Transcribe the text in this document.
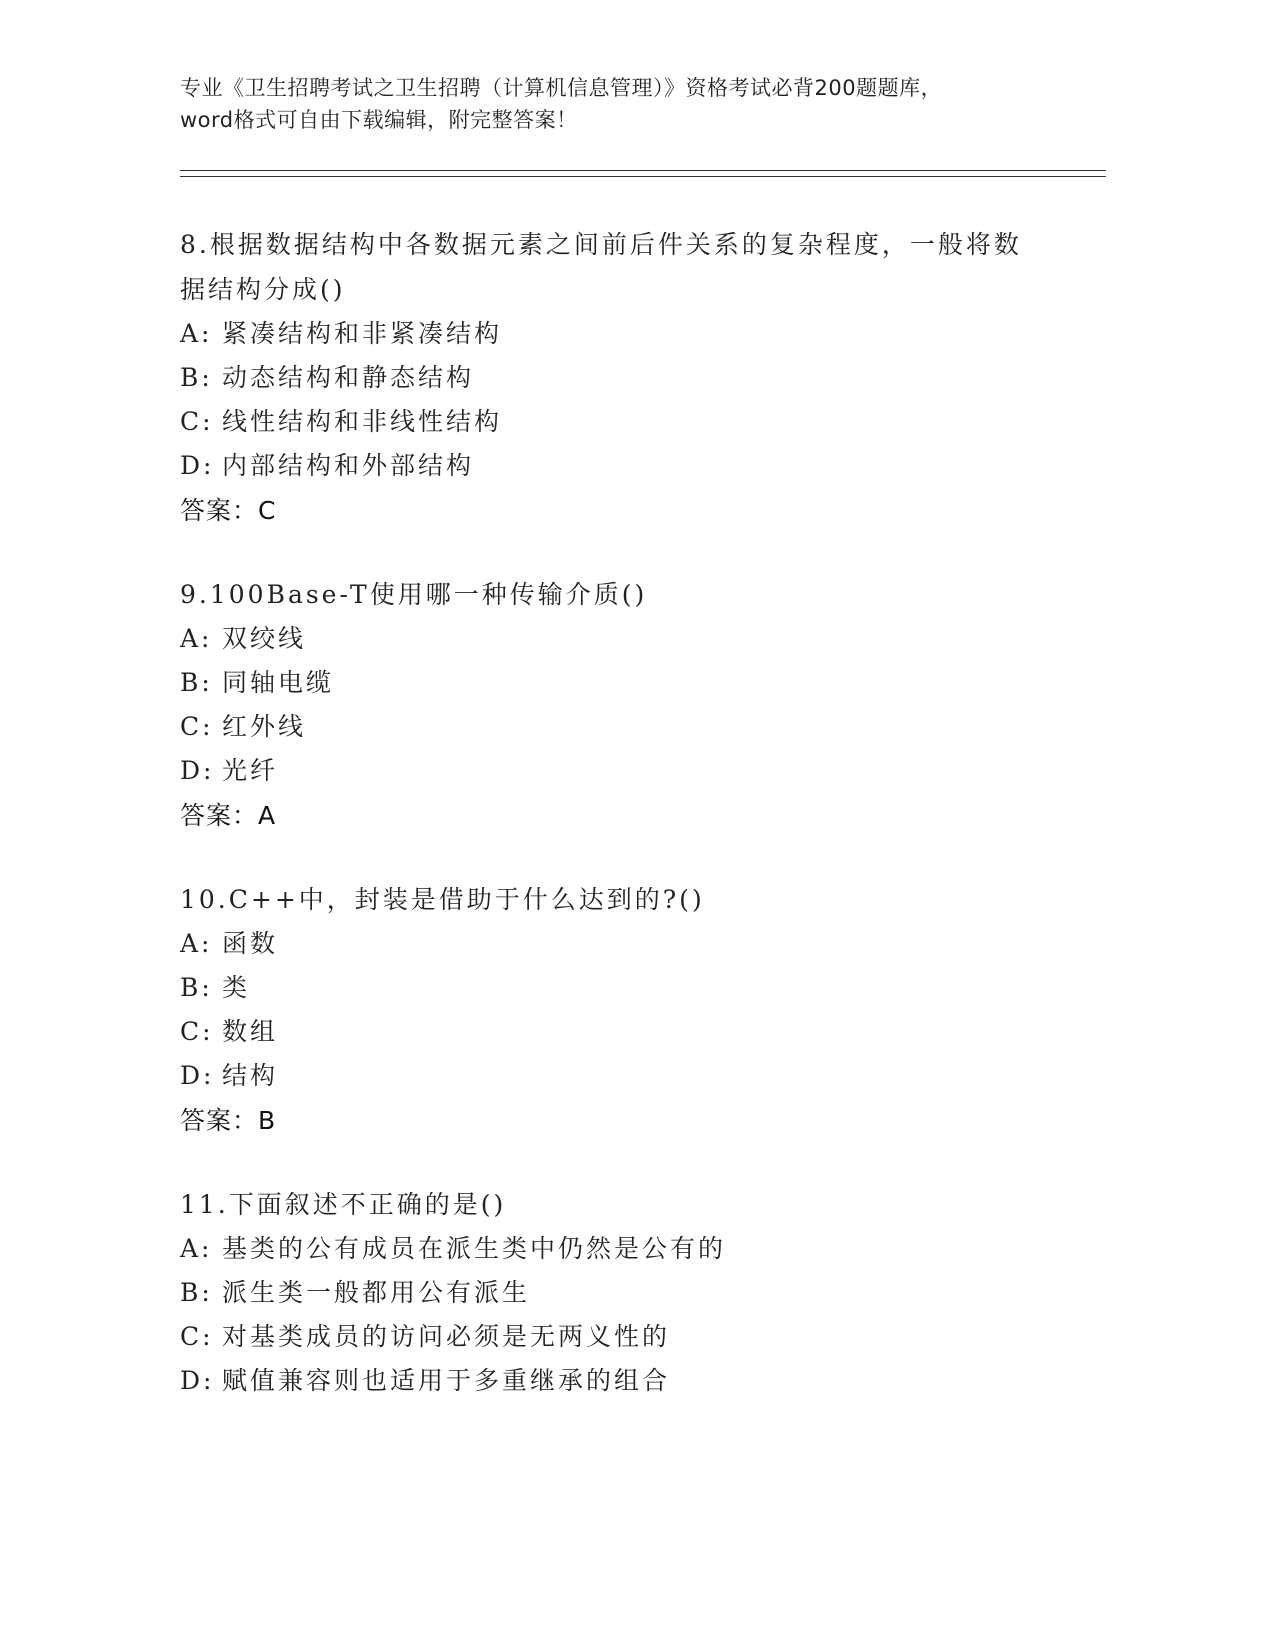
专业《卫生招聘考试之卫生招聘（计算机信息管理）》资格考试必背200题题库，
word格式可自由下载编辑，附完整答案！

8.根据数据结构中各数据元素之间前后件关系的复杂程度，一般将数
据结构分成()

A: 紧凑结构和非紧凑结构

B: 动态结构和静态结构

C: 线性结构和非线性结构

D: 内部结构和外部结构

答案：C

9.100Base-T使用哪一种传输介质()

A: 双绞线

B: 同轴电缆

C: 红外线

D: 光纤

答案：A

10.C++中，封装是借助于什么达到的?()

A: 函数

B: 类

C: 数组

D: 结构

答案：B

11.下面叙述不正确的是()

A: 基类的公有成员在派生类中仍然是公有的

B: 派生类一般都用公有派生

C: 对基类成员的访问必须是无两义性的

D: 赋值兼容则也适用于多重继承的组合
